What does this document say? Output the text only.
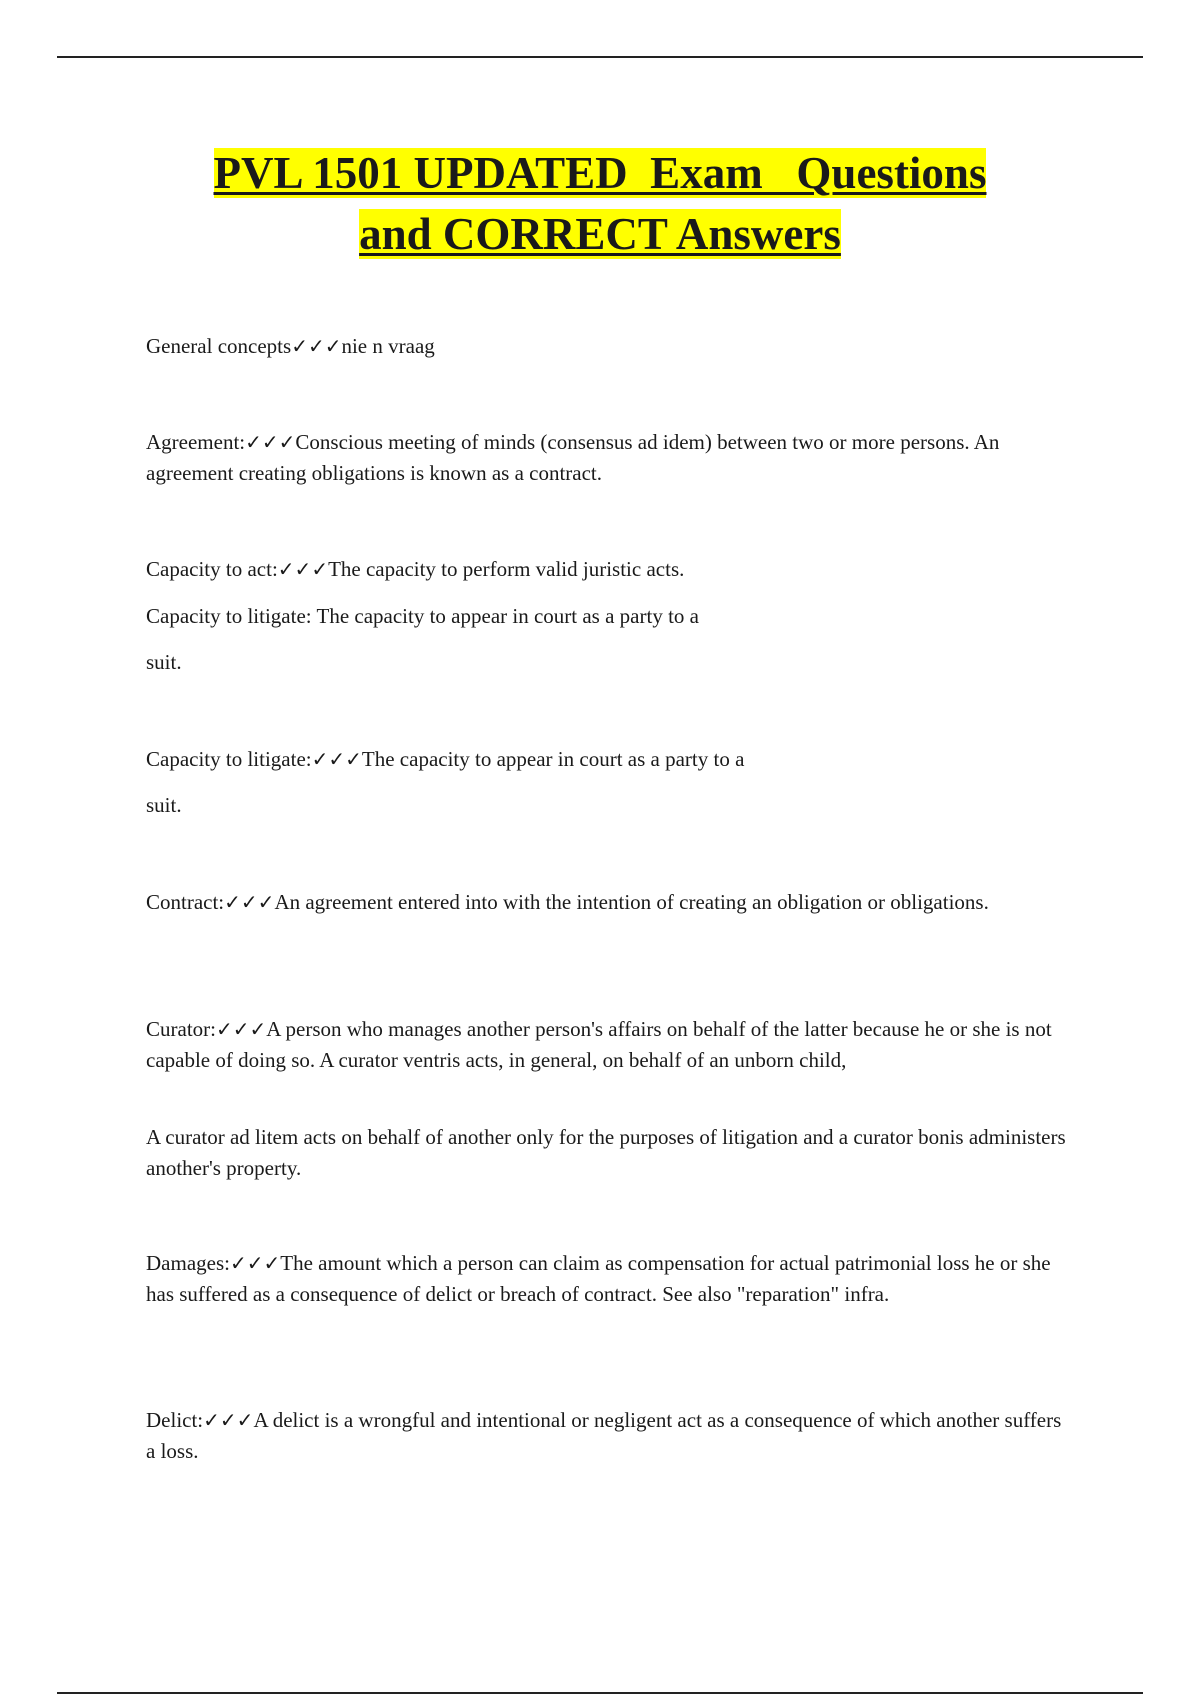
PVL 1501 UPDATED  Exam   Questions
and CORRECT Answers

General concepts✓✓✓nie n vraag

Agreement:✓✓✓Conscious meeting of minds (consensus ad idem) between two or more persons. An agreement creating obligations is known as a contract.

Capacity to act:✓✓✓The capacity to perform valid juristic acts.

Capacity to litigate: The capacity to appear in court as a party to a

suit.

Capacity to litigate:✓✓✓The capacity to appear in court as a party to a

suit.

Contract:✓✓✓An agreement entered into with the intention of creating an obligation or obligations.

Curator:✓✓✓A person who manages another person's affairs on behalf of the latter because he or she is not capable of doing so. A curator ventris acts, in general, on behalf of an unborn child,

A curator ad litem acts on behalf of another only for the purposes of litigation and a curator bonis administers another's property.

Damages:✓✓✓The amount which a person can claim as compensation for actual patrimonial loss he or she has suffered as a consequence of delict or breach of contract. See also "reparation" infra.

Delict:✓✓✓A delict is a wrongful and intentional or negligent act as a consequence of which another suffers a loss.
